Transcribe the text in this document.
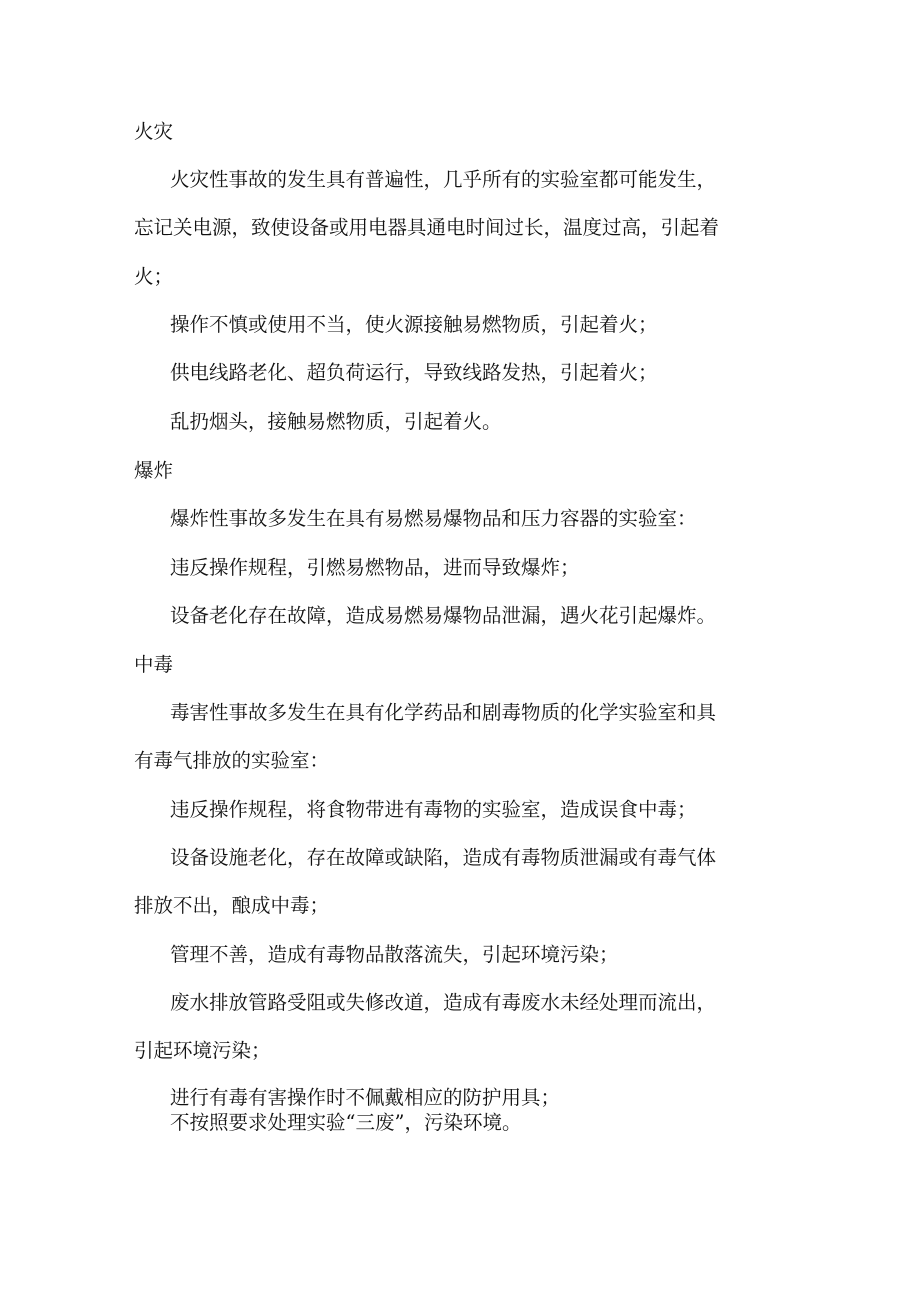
火灾

火灾性事故的发生具有普遍性，几乎所有的实验室都可能发生，

忘记关电源，致使设备或用电器具通电时间过长，温度过高，引起着

火；

操作不慎或使用不当，使火源接触易燃物质，引起着火；

供电线路老化、超负荷运行，导致线路发热，引起着火；

乱扔烟头，接触易燃物质，引起着火。

爆炸

爆炸性事故多发生在具有易燃易爆物品和压力容器的实验室：

违反操作规程，引燃易燃物品，进而导致爆炸；

设备老化存在故障，造成易燃易爆物品泄漏，遇火花引起爆炸。

中毒

毒害性事故多发生在具有化学药品和剧毒物质的化学实验室和具

有毒气排放的实验室：

违反操作规程，将食物带进有毒物的实验室，造成误食中毒；

设备设施老化，存在故障或缺陷，造成有毒物质泄漏或有毒气体

排放不出，酿成中毒；

管理不善，造成有毒物品散落流失，引起环境污染；

废水排放管路受阻或失修改道，造成有毒废水未经处理而流出，

引起环境污染；

进行有毒有害操作时不佩戴相应的防护用具；

不按照要求处理实验“三废”，污染环境。
